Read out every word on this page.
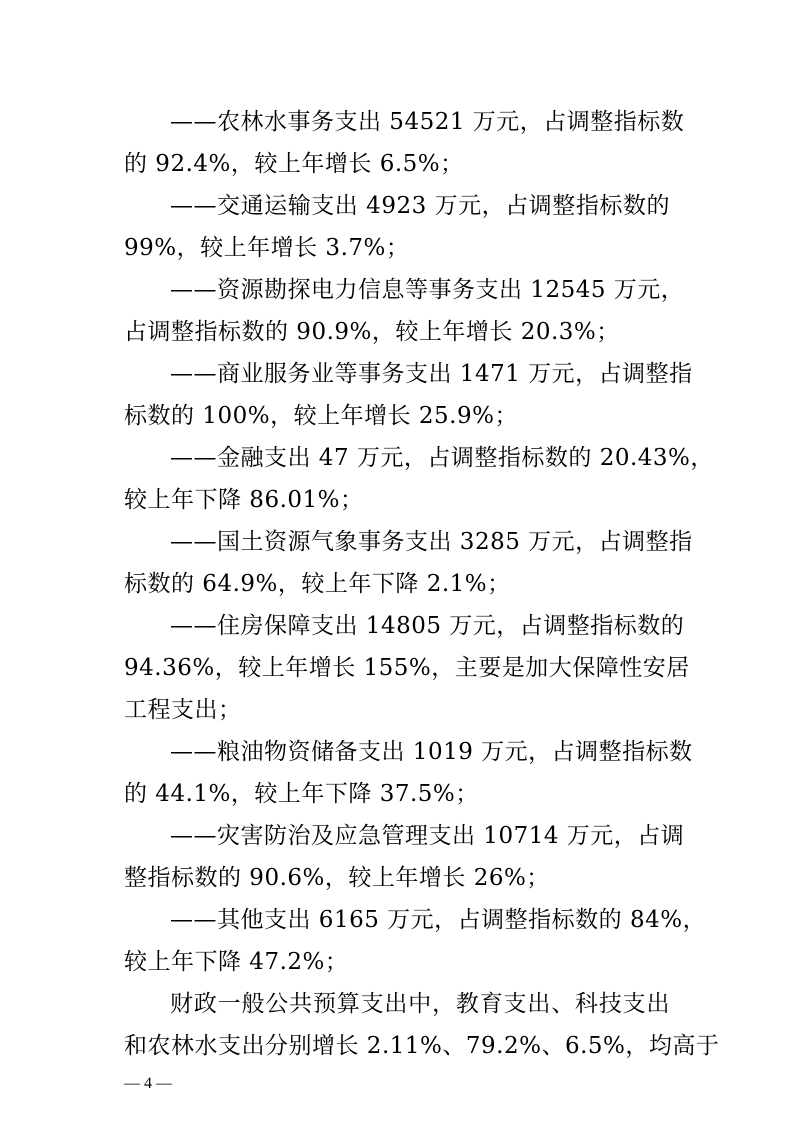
——农林水事务支出 54521 万元，占调整指标数
的 92.4%，较上年增长 6.5%；
——交通运输支出 4923 万元，占调整指标数的
99%，较上年增长 3.7%；
——资源勘探电力信息等事务支出 12545 万元，
占调整指标数的 90.9%，较上年增长 20.3%；
——商业服务业等事务支出 1471 万元，占调整指
标数的 100%，较上年增长 25.9%；
——金融支出 47 万元，占调整指标数的 20.43%，
较上年下降 86.01%；
——国土资源气象事务支出 3285 万元，占调整指
标数的 64.9%，较上年下降 2.1%；
——住房保障支出 14805 万元，占调整指标数的
94.36%，较上年增长 155%，主要是加大保障性安居
工程支出；
——粮油物资储备支出 1019 万元，占调整指标数
的 44.1%，较上年下降 37.5%；
——灾害防治及应急管理支出 10714 万元，占调
整指标数的 90.6%，较上年增长 26%；
——其他支出 6165 万元，占调整指标数的 84%，
较上年下降 47.2%；
财政一般公共预算支出中，教育支出、科技支出
和农林水支出分别增长 2.11%、79.2%、6.5%，均高于
— 4 —
